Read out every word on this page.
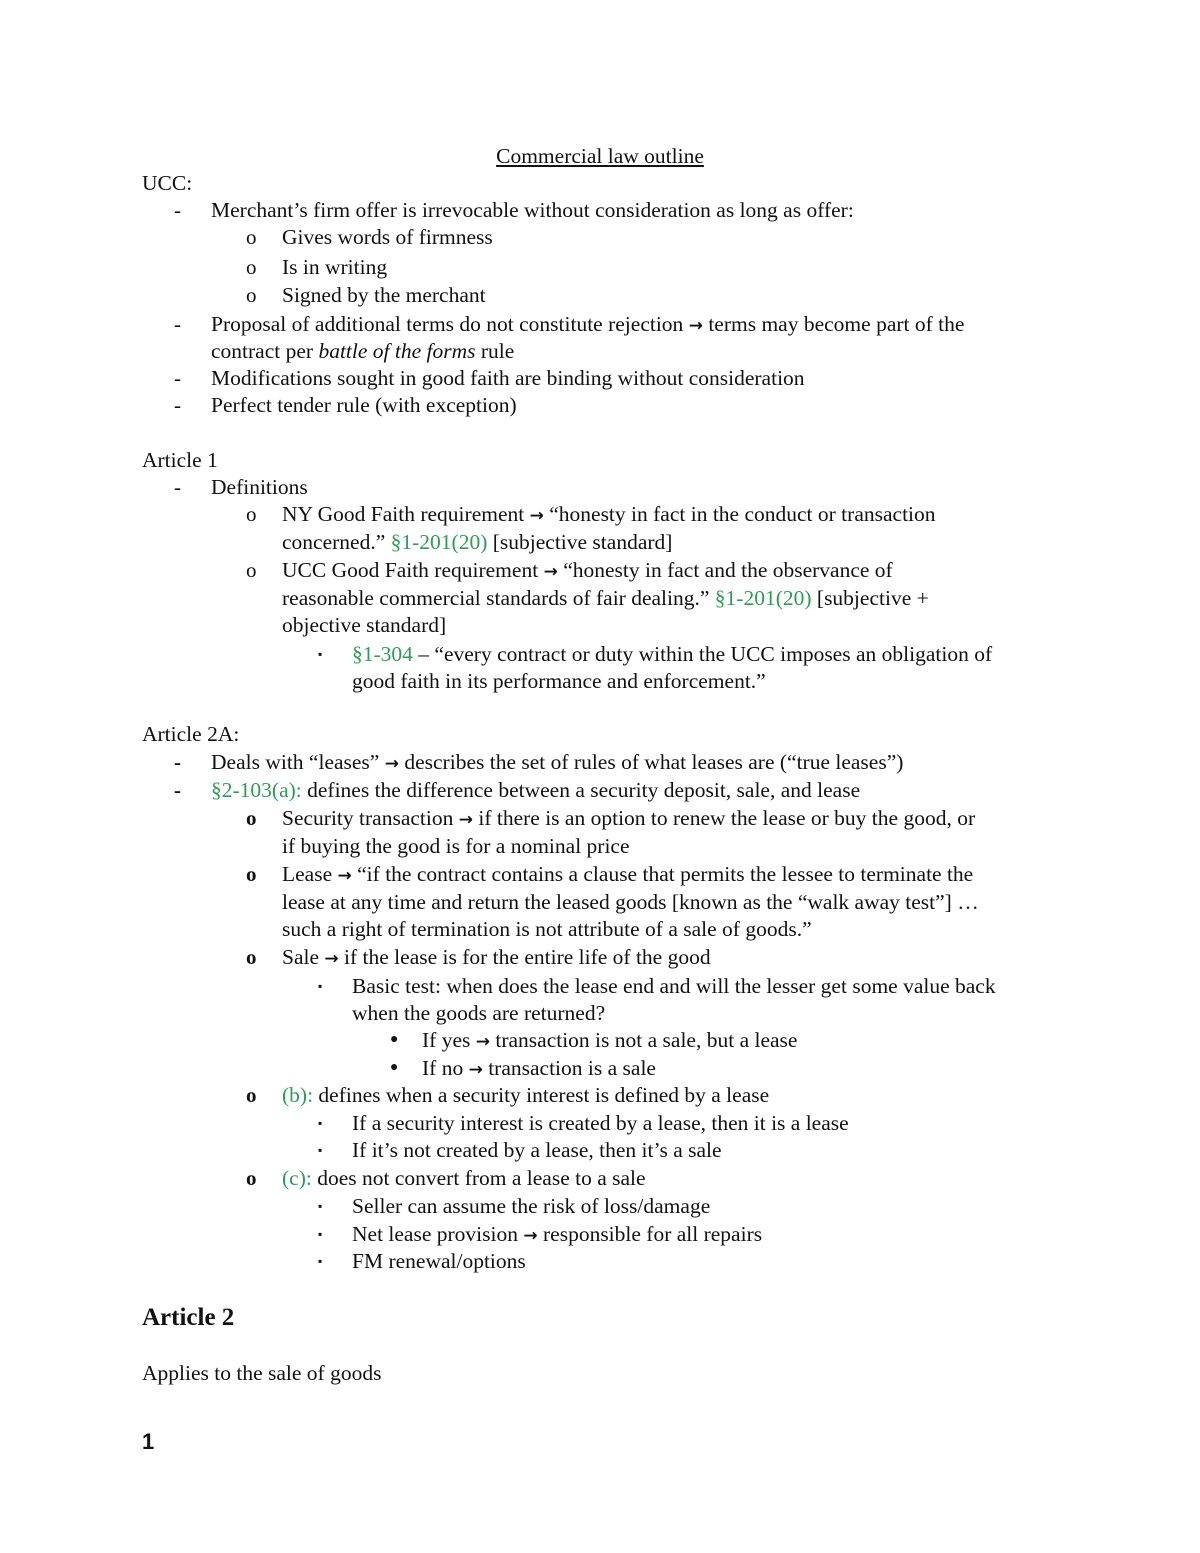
Commercial law outline
UCC:
- Merchant’s firm offer is irrevocable without consideration as long as offer:
o Gives words of firmness
o Is in writing
o Signed by the merchant
- Proposal of additional terms do not constitute rejection → terms may become part of the
contract per battle of the forms rule
- Modifications sought in good faith are binding without consideration
- Perfect tender rule (with exception)
Article 1
- Definitions
o NY Good Faith requirement → “honesty in fact in the conduct or transaction
concerned.” §1-201(20) [subjective standard]
o UCC Good Faith requirement → “honesty in fact and the observance of
reasonable commercial standards of fair dealing.” §1-201(20) [subjective +
objective standard]
▪ §1-304 – “every contract or duty within the UCC imposes an obligation of
good faith in its performance and enforcement.”
Article 2A:
- Deals with “leases” → describes the set of rules of what leases are (“true leases”)
- §2-103(a): defines the difference between a security deposit, sale, and lease
o Security transaction → if there is an option to renew the lease or buy the good, or
if buying the good is for a nominal price
o Lease → “if the contract contains a clause that permits the lessee to terminate the
lease at any time and return the leased goods [known as the “walk away test”] …
such a right of termination is not attribute of a sale of goods.”
o Sale → if the lease is for the entire life of the good
▪ Basic test: when does the lease end and will the lesser get some value back
when the goods are returned?
● If yes → transaction is not a sale, but a lease
● If no → transaction is a sale
o (b): defines when a security interest is defined by a lease
▪ If a security interest is created by a lease, then it is a lease
▪ If it’s not created by a lease, then it’s a sale
o (c): does not convert from a lease to a sale
▪ Seller can assume the risk of loss/damage
▪ Net lease provision → responsible for all repairs
▪ FM renewal/options
Article 2
Applies to the sale of goods
1
